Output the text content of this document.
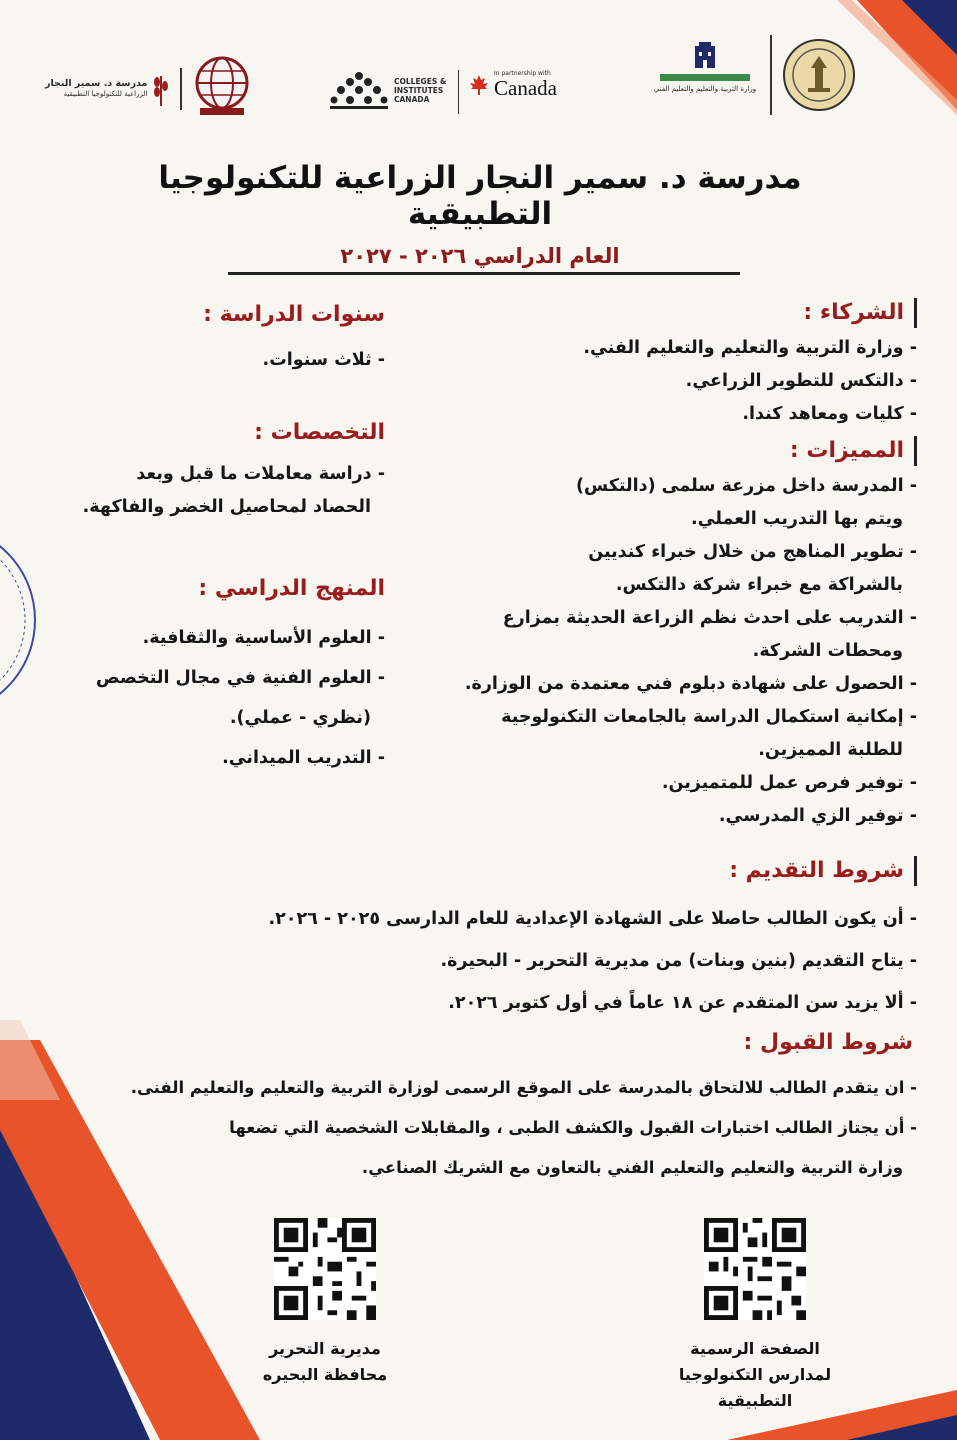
وزارة التربية والتعليم والتعليم الفني
In partnership with
Canada
COLLEGES & INSTITUTES CANADA
مدرسة د. سمير النجار
الزراعية للتكنولوجيا التطبيقية
مدرسة د. سمير النجار الزراعية للتكنولوجيا التطبيقية
العام الدراسي ٢٠٢٦ - ٢٠٢٧
الشركاء :
- وزارة التربية والتعليم والتعليم الفني.
- دالتكس للتطوير الزراعي.
- كليات ومعاهد كندا.
المميزات :
- المدرسة داخل مزرعة سلمى (دالتكس)
ويتم بها التدريب العملي.
- تطوير المناهج من خلال خبراء كنديين
بالشراكة مع خبراء شركة دالتكس.
- التدريب على احدث نظم الزراعة الحديثة بمزارع
ومحطات الشركة.
- الحصول على شهادة دبلوم فني معتمدة من الوزارة.
- إمكانية استكمال الدراسة بالجامعات التكنولوجية
للطلبة المميزين.
- توفير فرص عمل للمتميزين.
- توفير الزي المدرسي.
سنوات الدراسة :
- ثلاث سنوات.
التخصصات :
- دراسة معاملات ما قبل وبعد
الحصاد لمحاصيل الخضر والفاكهة.
المنهج الدراسي :
- العلوم الأساسية والثقافية.
- العلوم الفنية في مجال التخصص
(نظري - عملي).
- التدريب الميداني.
شروط التقديم :
- أن يكون الطالب حاصلا على الشهادة الإعدادية للعام الدارسى ٢٠٢٥ - ٢٠٢٦.
- يتاح التقديم (بنين وبنات) من مديرية التحرير - البحيرة.
- ألا يزيد سن المتقدم عن ١٨ عاماً في أول كتوبر ٢٠٢٦.
شروط القبول :
- ان يتقدم الطالب للالتحاق بالمدرسة على الموقع الرسمى لوزارة التربية والتعليم والتعليم الفنى.
- أن يجتاز الطالب اختبارات القبول والكشف الطبى ، والمقابلات الشخصية التي تضعها
وزارة التربية والتعليم والتعليم الفني بالتعاون مع الشريك الصناعي.
الصفحة الرسمية
لمدارس التكنولوجيا التطبيقية
مديرية التحرير
محافظة البحيره
